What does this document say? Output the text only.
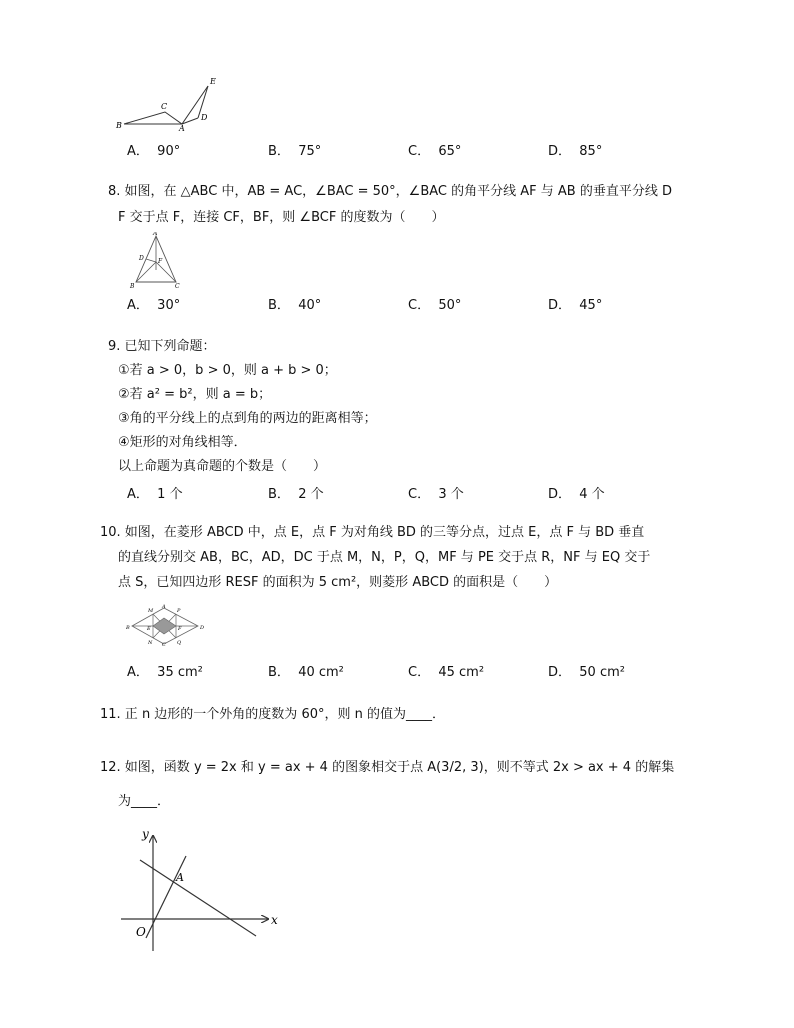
B
C
A
D
E
A． 90°	B． 75°	C． 65°	D． 85°
8. 如图，在 △ABC 中，AB = AC，∠BAC = 50°，∠BAC 的角平分线 AF 与 AB 的垂直平分线 D
F 交于点 F，连接 CF，BF，则 ∠BCF 的度数为（　　）
A
B	C
D F
A． 30°	B． 40°	C． 50°	D． 45°
9. 已知下列命题：
①若 a > 0，b > 0，则 a + b > 0；
②若 a² = b²，则 a = b；
③角的平分线上的点到角的两边的距离相等；
④矩形的对角线相等．
以上命题为真命题的个数是（　　）
A． 1 个	B． 2 个	C． 3 个	D． 4 个
10. 如图，在菱形 ABCD 中，点 E，点 F 为对角线 BD 的三等分点，过点 E，点 F 与 BD 垂直
的直线分别交 AB，BC，AD，DC 于点 M，N，P，Q，MF 与 PE 交于点 R，NF 与 EQ 交于
点 S，已知四边形 RESF 的面积为 5 cm²，则菱形 ABCD 的面积是（　　）
B	D
M
N
A
C
P
Q
E	F
A． 35 cm²	B． 40 cm²	C． 45 cm²	D． 50 cm²
11. 正 n 边形的一个外角的度数为 60°，则 n 的值为____．
12. 如图，函数 y = 2x 和 y = ax + 4 的图象相交于点 A(3/2, 3)，则不等式 2x > ax + 4 的解集
为____．
y
x
O
A
